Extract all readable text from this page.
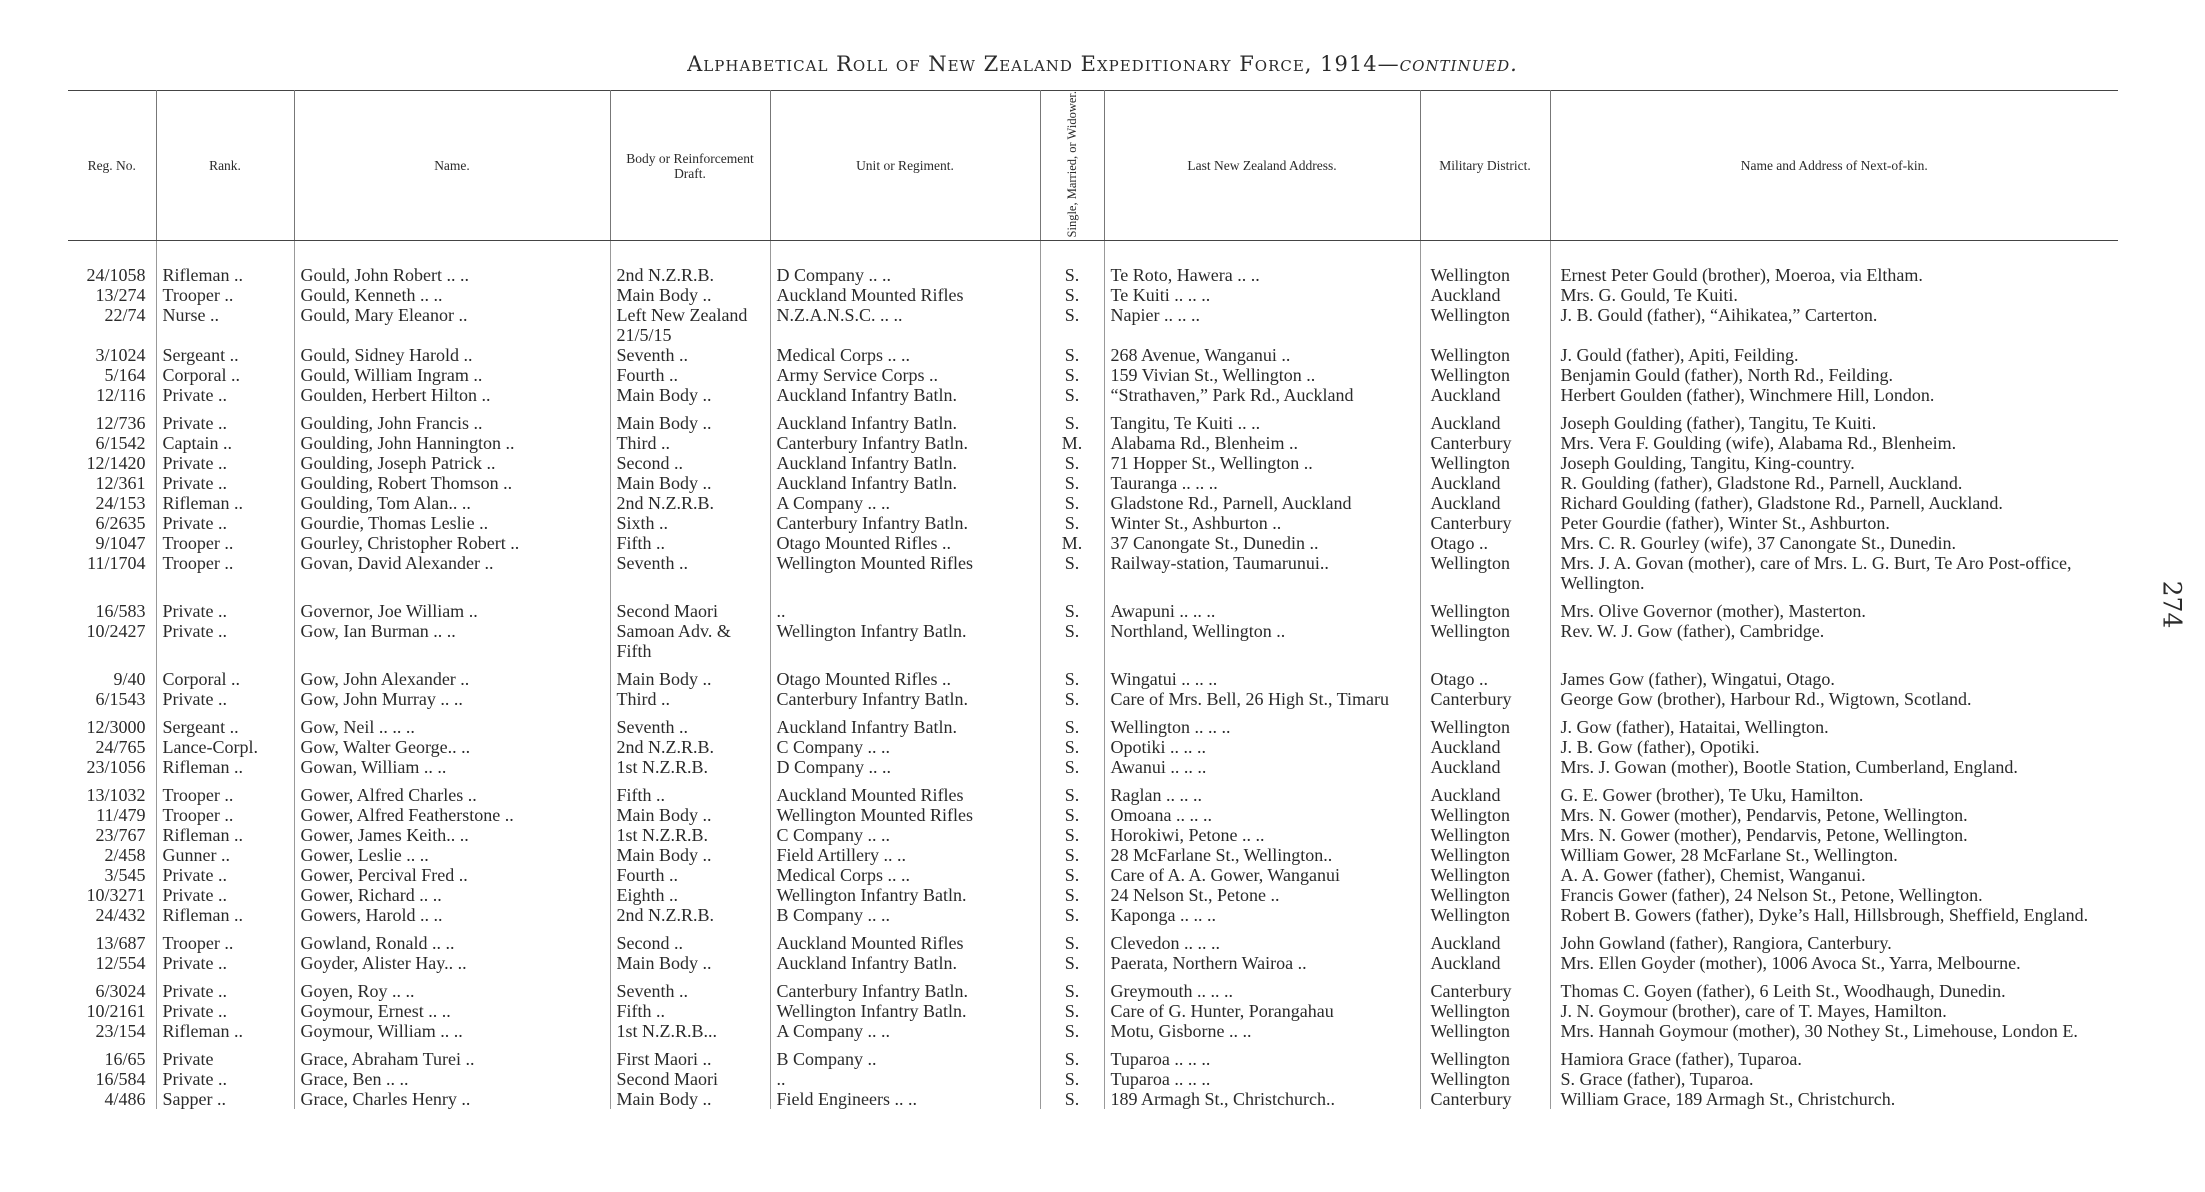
Alphabetical Roll of New Zealand Expeditionary Force, 1914—continued.
274
Reg. No.	Rank.	Name.	Body or Reinforcement Draft.	Unit or Regiment.	Single, Married, or Widower.	Last New Zealand Address.	Military District.	Name and Address of Next-of-kin.
24/1058	Rifleman ..	Gould, John Robert .. ..	2nd N.Z.R.B.	D Company .. ..	S.	Te Roto, Hawera .. ..	Wellington	Ernest Peter Gould (brother), Moeroa, via Eltham.
13/274	Trooper ..	Gould, Kenneth .. ..	Main Body ..	Auckland Mounted Rifles	S.	Te Kuiti .. .. ..	Auckland	Mrs. G. Gould, Te Kuiti.
22/74	Nurse ..	Gould, Mary Eleanor ..	Left New Zealand 21/5/15	N.Z.A.N.S.C. .. ..	S.	Napier .. .. ..	Wellington	J. B. Gould (father), “Aihikatea,” Carterton.
3/1024	Sergeant ..	Gould, Sidney Harold ..	Seventh ..	Medical Corps .. ..	S.	268 Avenue, Wanganui ..	Wellington	J. Gould (father), Apiti, Feilding.
5/164	Corporal ..	Gould, William Ingram ..	Fourth ..	Army Service Corps ..	S.	159 Vivian St., Wellington ..	Wellington	Benjamin Gould (father), North Rd., Feilding.
12/116	Private ..	Goulden, Herbert Hilton ..	Main Body ..	Auckland Infantry Batln.	S.	“Strathaven,” Park Rd., Auckland	Auckland	Herbert Goulden (father), Winchmere Hill, London.
12/736	Private ..	Goulding, John Francis ..	Main Body ..	Auckland Infantry Batln.	S.	Tangitu, Te Kuiti .. ..	Auckland	Joseph Goulding (father), Tangitu, Te Kuiti.
6/1542	Captain ..	Goulding, John Hannington ..	Third ..	Canterbury Infantry Batln.	M.	Alabama Rd., Blenheim ..	Canterbury	Mrs. Vera F. Goulding (wife), Alabama Rd., Blenheim.
12/1420	Private ..	Goulding, Joseph Patrick ..	Second ..	Auckland Infantry Batln.	S.	71 Hopper St., Wellington ..	Wellington	Joseph Goulding, Tangitu, King-country.
12/361	Private ..	Goulding, Robert Thomson ..	Main Body ..	Auckland Infantry Batln.	S.	Tauranga .. .. ..	Auckland	R. Goulding (father), Gladstone Rd., Parnell, Auckland.
24/153	Rifleman ..	Goulding, Tom Alan.. ..	2nd N.Z.R.B.	A Company .. ..	S.	Gladstone Rd., Parnell, Auckland	Auckland	Richard Goulding (father), Gladstone Rd., Parnell, Auckland.
6/2635	Private ..	Gourdie, Thomas Leslie ..	Sixth ..	Canterbury Infantry Batln.	S.	Winter St., Ashburton ..	Canterbury	Peter Gourdie (father), Winter St., Ashburton.
9/1047	Trooper ..	Gourley, Christopher Robert ..	Fifth ..	Otago Mounted Rifles ..	M.	37 Canongate St., Dunedin ..	Otago ..	Mrs. C. R. Gourley (wife), 37 Canongate St., Dunedin.
11/1704	Trooper ..	Govan, David Alexander ..	Seventh ..	Wellington Mounted Rifles	S.	Railway-station, Taumarunui..	Wellington	Mrs. J. A. Govan (mother), care of Mrs. L. G. Burt, Te Aro Post-office, Wellington.
16/583	Private ..	Governor, Joe William ..	Second Maori	..	S.	Awapuni .. .. ..	Wellington	Mrs. Olive Governor (mother), Masterton.
10/2427	Private ..	Gow, Ian Burman .. ..	Samoan Adv. & Fifth	Wellington Infantry Batln.	S.	Northland, Wellington ..	Wellington	Rev. W. J. Gow (father), Cambridge.
9/40	Corporal ..	Gow, John Alexander ..	Main Body ..	Otago Mounted Rifles ..	S.	Wingatui .. .. ..	Otago ..	James Gow (father), Wingatui, Otago.
6/1543	Private ..	Gow, John Murray .. ..	Third ..	Canterbury Infantry Batln.	S.	Care of Mrs. Bell, 26 High St., Timaru	Canterbury	George Gow (brother), Harbour Rd., Wigtown, Scotland.
12/3000	Sergeant ..	Gow, Neil .. .. ..	Seventh ..	Auckland Infantry Batln.	S.	Wellington .. .. ..	Wellington	J. Gow (father), Hataitai, Wellington.
24/765	Lance-Corpl.	Gow, Walter George.. ..	2nd N.Z.R.B.	C Company .. ..	S.	Opotiki .. .. ..	Auckland	J. B. Gow (father), Opotiki.
23/1056	Rifleman ..	Gowan, William .. ..	1st N.Z.R.B.	D Company .. ..	S.	Awanui .. .. ..	Auckland	Mrs. J. Gowan (mother), Bootle Station, Cumberland, England.
13/1032	Trooper ..	Gower, Alfred Charles ..	Fifth ..	Auckland Mounted Rifles	S.	Raglan .. .. ..	Auckland	G. E. Gower (brother), Te Uku, Hamilton.
11/479	Trooper ..	Gower, Alfred Featherstone ..	Main Body ..	Wellington Mounted Rifles	S.	Omoana .. .. ..	Wellington	Mrs. N. Gower (mother), Pendarvis, Petone, Wellington.
23/767	Rifleman ..	Gower, James Keith.. ..	1st N.Z.R.B.	C Company .. ..	S.	Horokiwi, Petone .. ..	Wellington	Mrs. N. Gower (mother), Pendarvis, Petone, Wellington.
2/458	Gunner ..	Gower, Leslie .. ..	Main Body ..	Field Artillery .. ..	S.	28 McFarlane St., Wellington..	Wellington	William Gower, 28 McFarlane St., Wellington.
3/545	Private ..	Gower, Percival Fred ..	Fourth ..	Medical Corps .. ..	S.	Care of A. A. Gower, Wanganui	Wellington	A. A. Gower (father), Chemist, Wanganui.
10/3271	Private ..	Gower, Richard .. ..	Eighth ..	Wellington Infantry Batln.	S.	24 Nelson St., Petone ..	Wellington	Francis Gower (father), 24 Nelson St., Petone, Wellington.
24/432	Rifleman ..	Gowers, Harold .. ..	2nd N.Z.R.B.	B Company .. ..	S.	Kaponga .. .. ..	Wellington	Robert B. Gowers (father), Dyke’s Hall, Hillsbrough, Sheffield, England.
13/687	Trooper ..	Gowland, Ronald .. ..	Second ..	Auckland Mounted Rifles	S.	Clevedon .. .. ..	Auckland	John Gowland (father), Rangiora, Canterbury.
12/554	Private ..	Goyder, Alister Hay.. ..	Main Body ..	Auckland Infantry Batln.	S.	Paerata, Northern Wairoa ..	Auckland	Mrs. Ellen Goyder (mother), 1006 Avoca St., Yarra, Melbourne.
6/3024	Private ..	Goyen, Roy .. ..	Seventh ..	Canterbury Infantry Batln.	S.	Greymouth .. .. ..	Canterbury	Thomas C. Goyen (father), 6 Leith St., Woodhaugh, Dunedin.
10/2161	Private ..	Goymour, Ernest .. ..	Fifth ..	Wellington Infantry Batln.	S.	Care of G. Hunter, Porangahau	Wellington	J. N. Goymour (brother), care of T. Mayes, Hamilton.
23/154	Rifleman ..	Goymour, William .. ..	1st N.Z.R.B...	A Company .. ..	S.	Motu, Gisborne .. ..	Wellington	Mrs. Hannah Goymour (mother), 30 Nothey St., Limehouse, London E.
16/65	Private	Grace, Abraham Turei ..	First Maori ..	B Company ..	S.	Tuparoa .. .. ..	Wellington	Hamiora Grace (father), Tuparoa.
16/584	Private ..	Grace, Ben .. ..	Second Maori	..	S.	Tuparoa .. .. ..	Wellington	S. Grace (father), Tuparoa.
4/486	Sapper ..	Grace, Charles Henry ..	Main Body ..	Field Engineers .. ..	S.	189 Armagh St., Christchurch..	Canterbury	William Grace, 189 Armagh St., Christchurch.
